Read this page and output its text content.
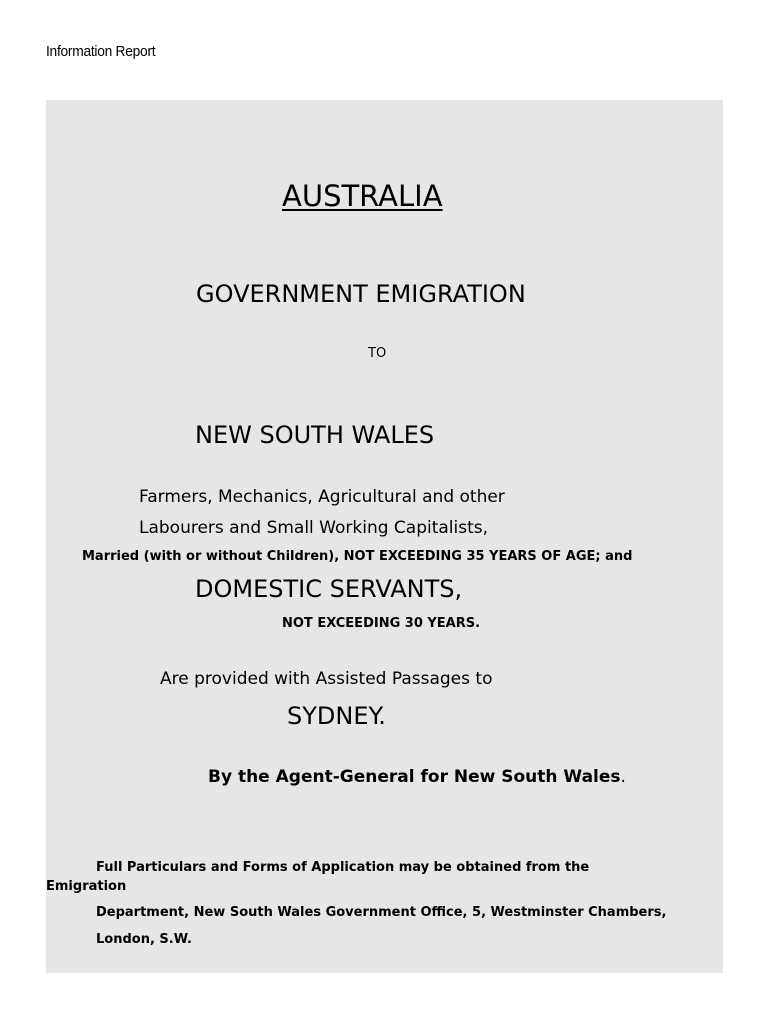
Information Report
AUSTRALIA
GOVERNMENT EMIGRATION
TO
NEW SOUTH WALES
Farmers, Mechanics, Agricultural and other
Labourers and Small Working Capitalists,
Married (with or without Children), NOT EXCEEDING 35 YEARS OF AGE; and
DOMESTIC SERVANTS,
NOT EXCEEDING 30 YEARS.
Are provided with Assisted Passages to
SYDNEY.
By the Agent-General for New South Wales.
Full Particulars and Forms of Application may be obtained from the
Emigration
Department, New South Wales Government Office, 5, Westminster Chambers,
London, S.W.
